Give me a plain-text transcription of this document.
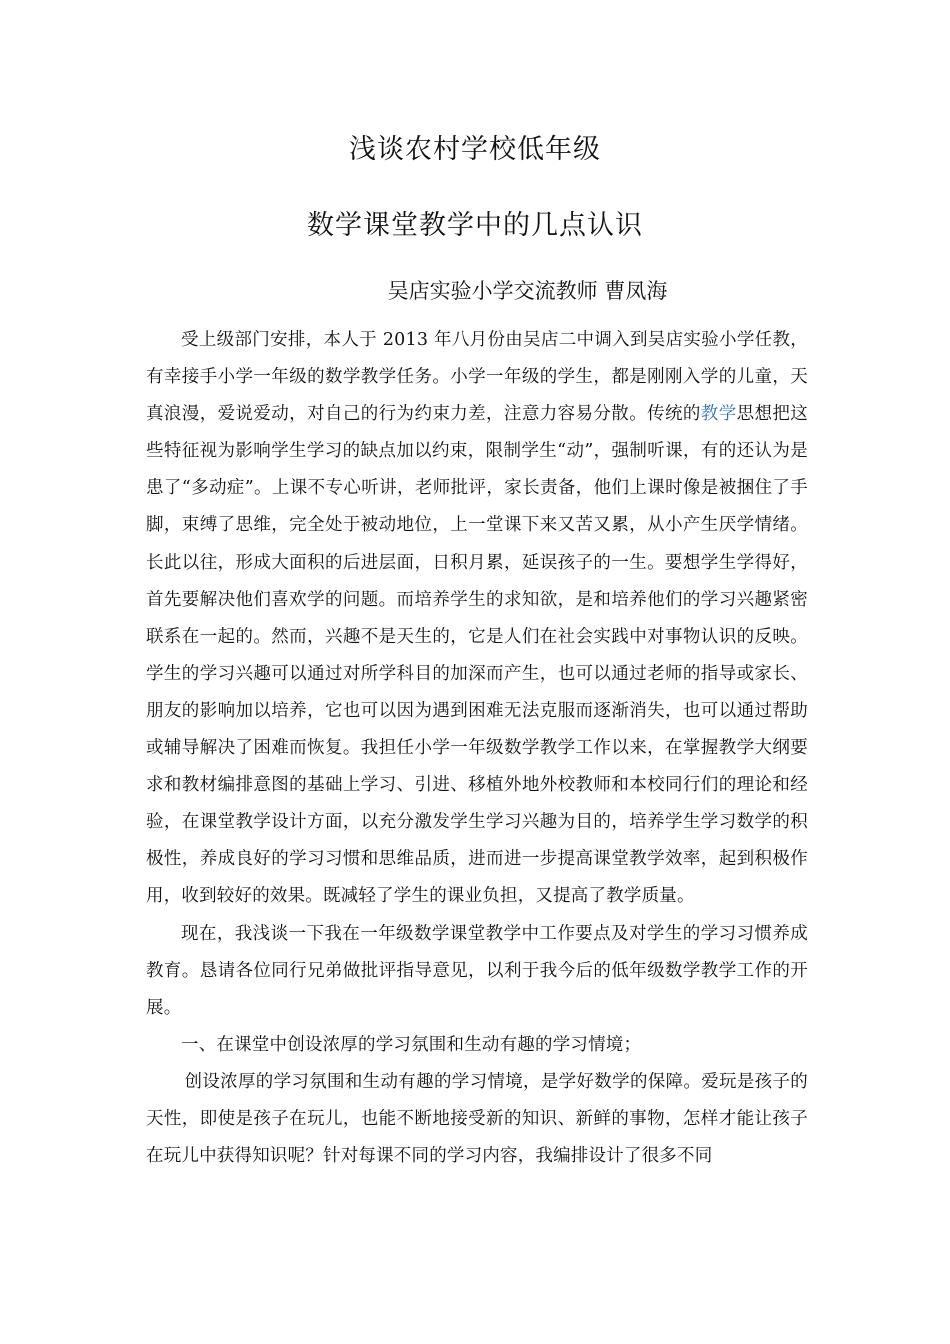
浅谈农村学校低年级
数学课堂教学中的几点认识
吴店实验小学交流教师 曹凤海

受上级部门安排，本人于 2013 年八月份由吴店二中调入到吴店实验小学任教，有幸接手小学一年级的数学教学任务。小学一年级的学生，都是刚刚入学的儿童，天真浪漫，爱说爱动，对自己的行为约束力差，注意力容易分散。传统的教学思想把这些特征视为影响学生学习的缺点加以约束，限制学生“动”，强制听课，有的还认为是患了“多动症”。上课不专心听讲，老师批评，家长责备，他们上课时像是被捆住了手脚，束缚了思维，完全处于被动地位，上一堂课下来又苦又累，从小产生厌学情绪。长此以往，形成大面积的后进层面，日积月累，延误孩子的一生。要想学生学得好，首先要解决他们喜欢学的问题。而培养学生的求知欲，是和培养他们的学习兴趣紧密联系在一起的。然而，兴趣不是天生的，它是人们在社会实践中对事物认识的反映。学生的学习兴趣可以通过对所学科目的加深而产生，也可以通过老师的指导或家长、朋友的影响加以培养，它也可以因为遇到困难无法克服而逐渐消失，也可以通过帮助或辅导解决了困难而恢复。我担任小学一年级数学教学工作以来，在掌握教学大纲要求和教材编排意图的基础上学习、引进、移植外地外校教师和本校同行们的理论和经验，在课堂教学设计方面，以充分激发学生学习兴趣为目的，培养学生学习数学的积极性，养成良好的学习习惯和思维品质，进而进一步提高课堂教学效率，起到积极作用，收到较好的效果。既减轻了学生的课业负担，又提高了教学质量。

现在，我浅谈一下我在一年级数学课堂教学中工作要点及对学生的学习习惯养成教育。恳请各位同行兄弟做批评指导意见，以利于我今后的低年级数学教学工作的开展。

一、在课堂中创设浓厚的学习氛围和生动有趣的学习情境；

创设浓厚的学习氛围和生动有趣的学习情境，是学好数学的保障。爱玩是孩子的天性，即使是孩子在玩儿，也能不断地接受新的知识、新鲜的事物，怎样才能让孩子在玩儿中获得知识呢？针对每课不同的学习内容，我编排设计了很多不同
